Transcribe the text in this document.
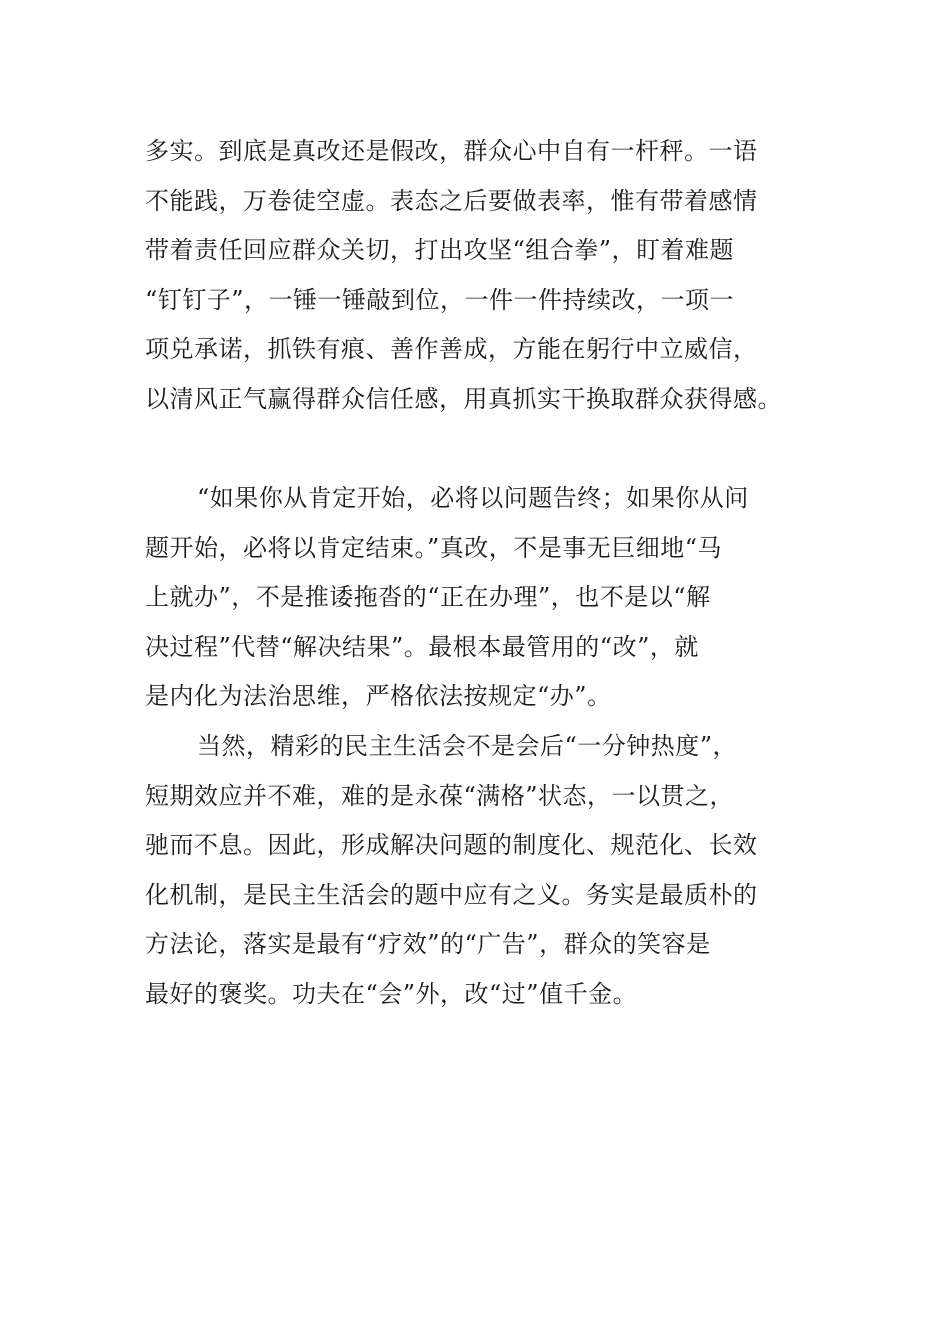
多实。到底是真改还是假改，群众心中自有一杆秤。一语
不能践，万卷徒空虚。表态之后要做表率，惟有带着感情
带着责任回应群众关切，打出攻坚“组合拳”，盯着难题
“钉钉子”，一锤一锤敲到位，一件一件持续改，一项一
项兑承诺，抓铁有痕、善作善成，方能在躬行中立威信，
以清风正气赢得群众信任感，用真抓实干换取群众获得感。
“如果你从肯定开始，必将以问题告终；如果你从问
题开始，必将以肯定结束。”真改，不是事无巨细地“马
上就办”，不是推诿拖沓的“正在办理”，也不是以“解
决过程”代替“解决结果”。最根本最管用的“改”，就
是内化为法治思维，严格依法按规定“办”。
当然，精彩的民主生活会不是会后“一分钟热度”，
短期效应并不难，难的是永葆“满格”状态，一以贯之，
驰而不息。因此，形成解决问题的制度化、规范化、长效
化机制，是民主生活会的题中应有之义。务实是最质朴的
方法论，落实是最有“疗效”的“广告”，群众的笑容是
最好的褒奖。功夫在“会”外，改“过”值千金。
